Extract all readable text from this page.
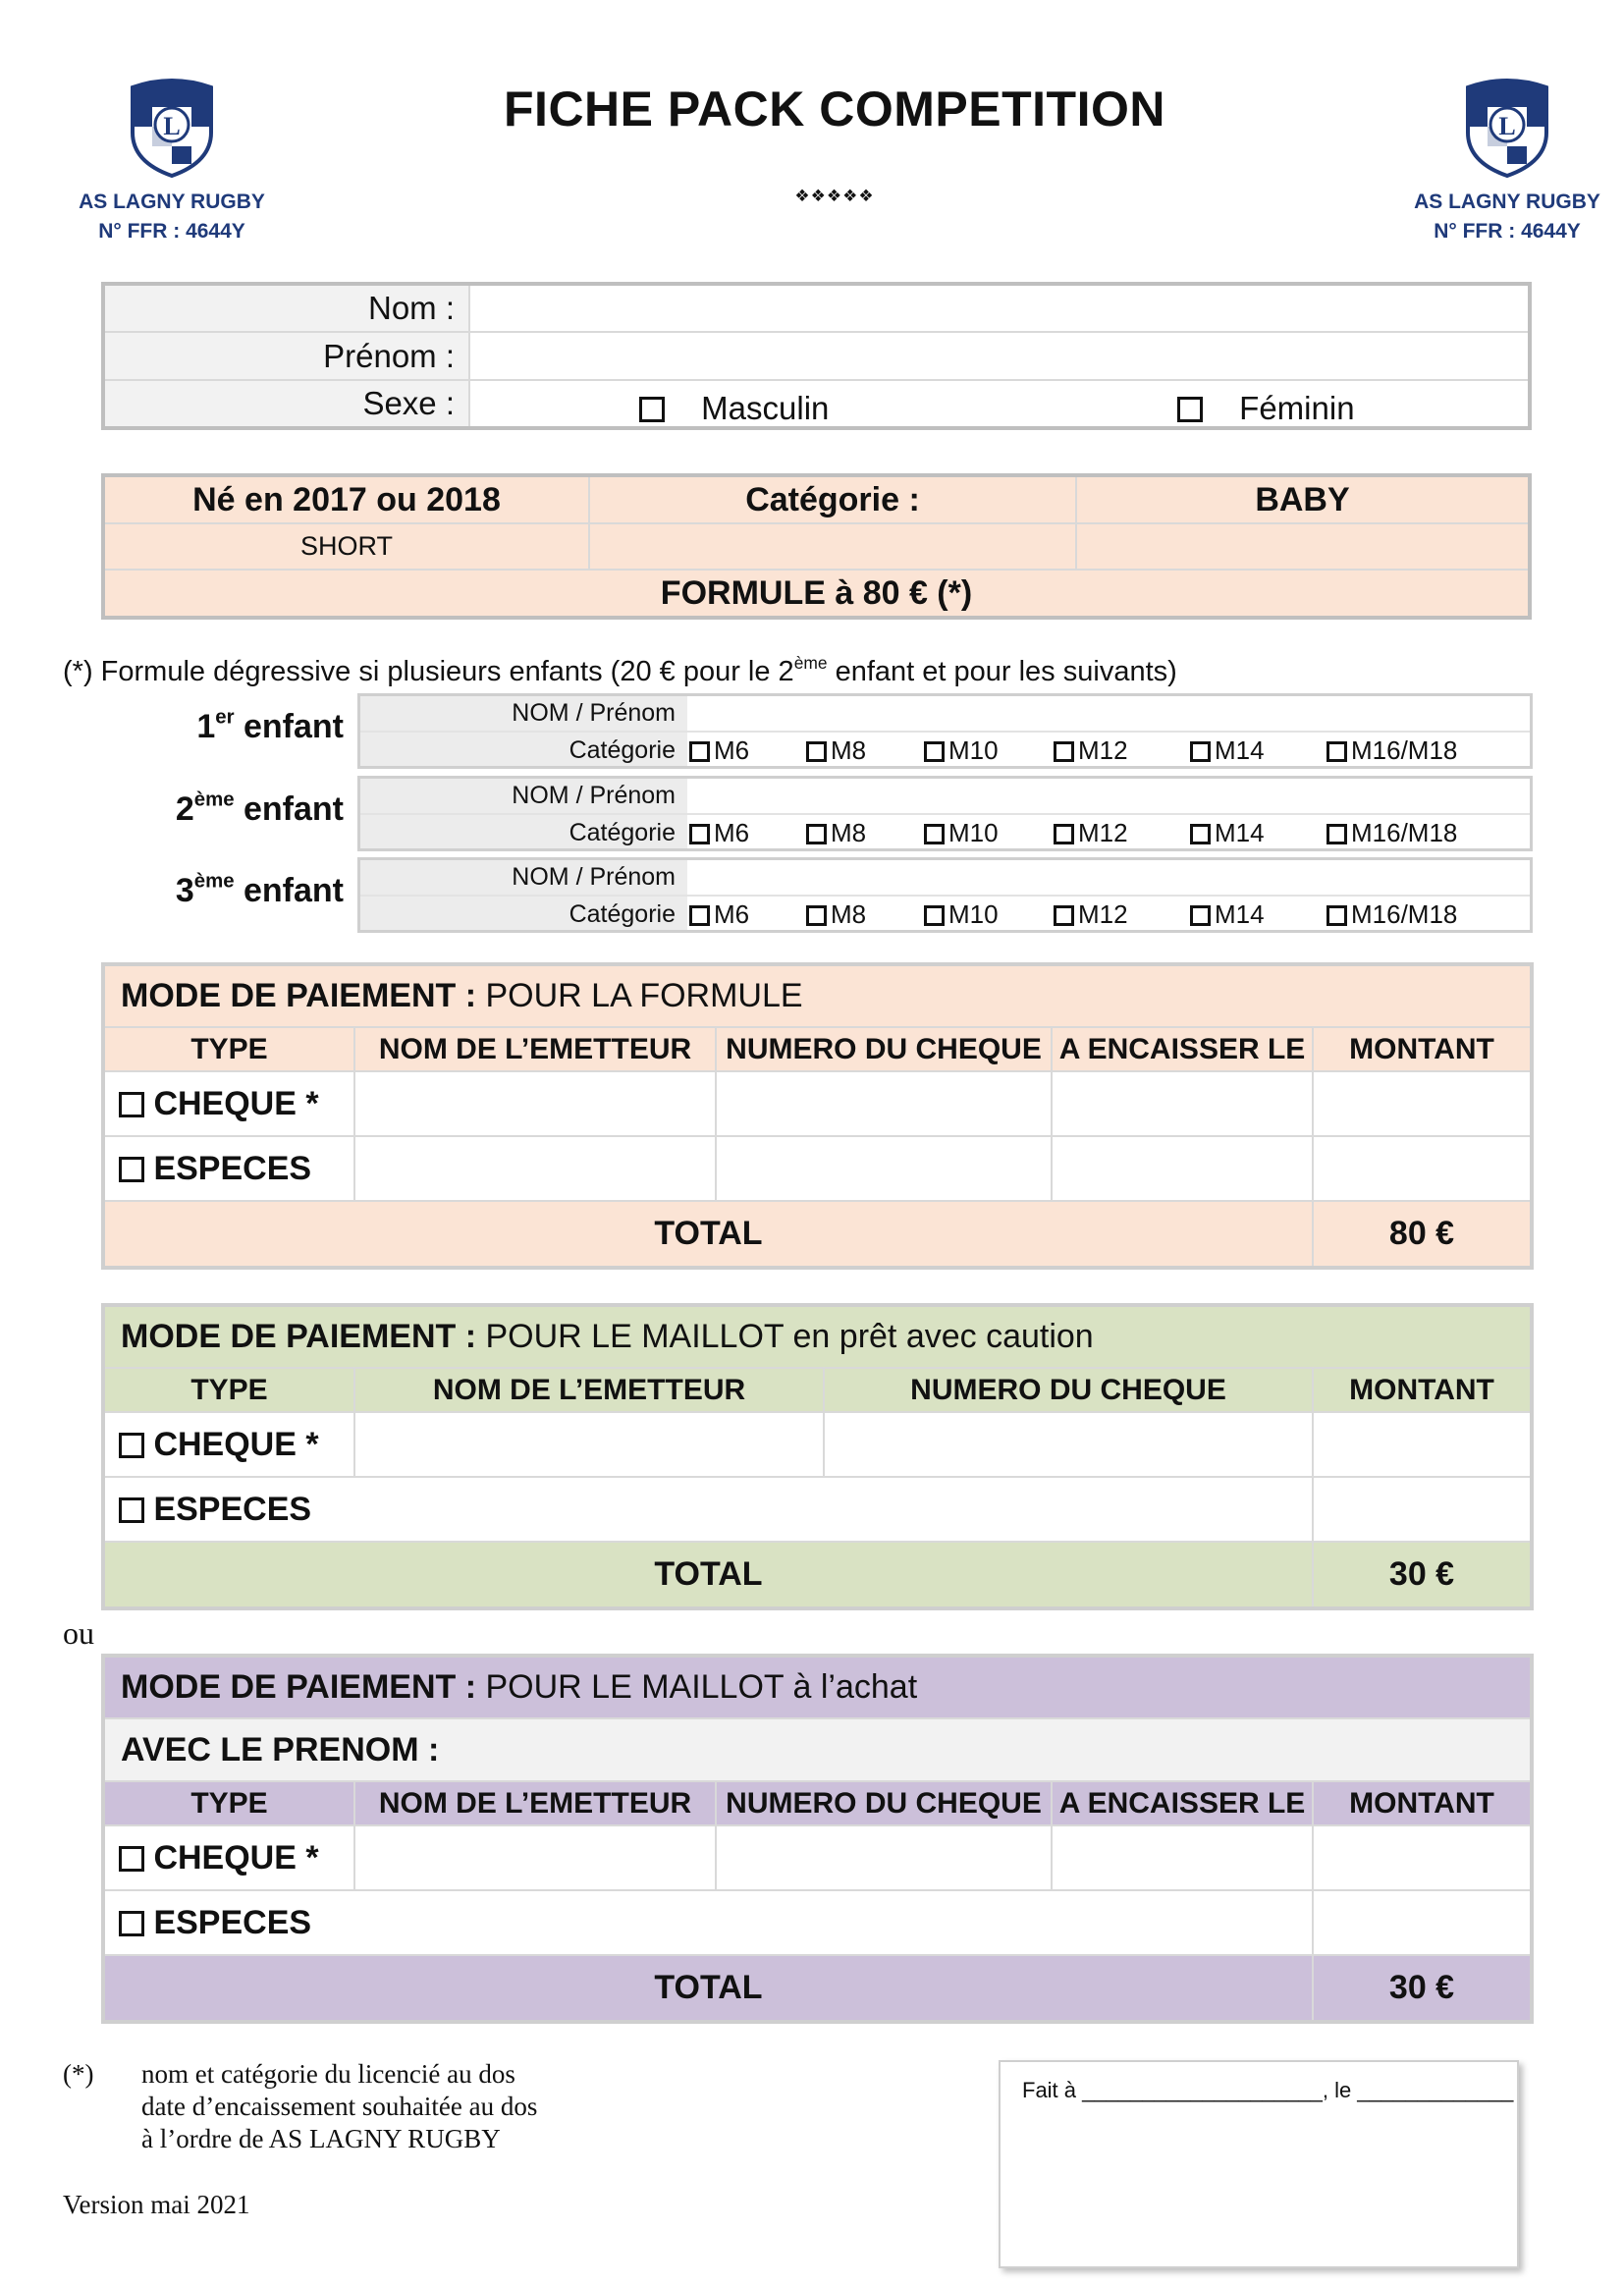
L
AS LAGNY RUGBY
N° FFR : 4644Y
L
AS LAGNY RUGBY
N° FFR : 4644Y
FICHE PACK COMPETITION
❖❖❖❖❖
Nom :	
Prénom :	
Sexe :	Masculin Féminin
Né en 2017 ou 2018	Catégorie :	BABY
SHORT		
FORMULE à 80 € (*)		
(*) Formule dégressive si plusieurs enfants (20 € pour le 2ème enfant et pour les suivants)
1er enfant	NOM / Prénom
Catégorie	M6	M8	M10	M12	M14	M16/M18
2ème enfant	NOM / Prénom
Catégorie	M6	M8	M10	M12	M14	M16/M18
3ème enfant	NOM / Prénom
Catégorie	M6	M8	M10	M12	M14	M16/M18
MODE DE PAIEMENT : POUR LA FORMULE				
TYPE	NOM DE L’EMETTEUR	NUMERO DU CHEQUE	A ENCAISSER LE	MONTANT
CHEQUE *				
ESPECES				
TOTAL				80 €
MODE DE PAIEMENT : POUR LE MAILLOT en prêt avec caution			
TYPE	NOM DE L’EMETTEUR	NUMERO DU CHEQUE	MONTANT
CHEQUE *			
ESPECES			
TOTAL			30 €
ou
MODE DE PAIEMENT : POUR LE MAILLOT à l’achat				
AVEC LE PRENOM :				
TYPE	NOM DE L’EMETTEUR	NUMERO DU CHEQUE	A ENCAISSER LE	MONTANT
CHEQUE *				
ESPECES				
TOTAL				30 €
(*) nom et catégorie du licencié au dos
date d’encaissement souhaitée au dos
à l’ordre de AS LAGNY RUGBY
Version mai 2021
Fait à ____________________, le _____________
